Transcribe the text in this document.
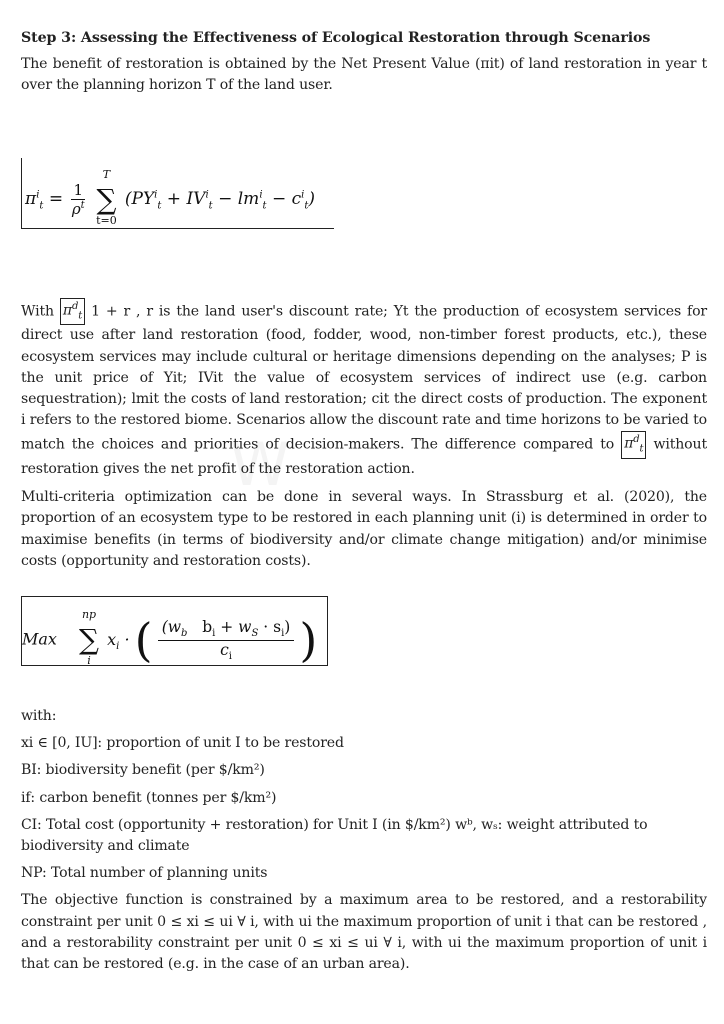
W
Step 3: Assessing the Effectiveness of Ecological Restoration through Scenarios

The benefit of restoration is obtained by the Net Present Value (πit) of land restoration in year t over the planning horizon T of the land user.

$\pi^i_t = \frac{1}{\rho^t}$

T
∑
t=0
$(PY^i_t + IV^i_t - lm^i_t - c^i_t)$

With $\pi^d_t$ 1 + r , r is the land user's discount rate; Yt the production of ecosystem services for direct use after land restoration (food, fodder, wood, non-timber forest products, etc.), these ecosystem services may include cultural or heritage dimensions depending on the analyses; P is the unit price of Yit; IVit the value of ecosystem services of indirect use (e.g. carbon sequestration); lmit the costs of land restoration; cit the direct costs of production. The exponent i refers to the restored biome. Scenarios allow the discount rate and time horizons to be varied to match the choices and priorities of decision-makers. The difference compared to $\pi^d_t$ without restoration gives the net profit of the restoration action.

Multi-criteria optimization can be done in several ways. In Strassburg et al. (2020), the proportion of an ecosystem type to be restored in each planning unit (i) is determined in order to maximise benefits (in terms of biodiversity and/or climate change mitigation) and/or minimise costs (opportunity and restoration costs).

Max
np
∑
i
$x_i$ · ( $\frac{(w_b b_i + w_S \cdot s_i)}{c_i}$ )

with:

xi ∈ [0, IU]: proportion of unit I to be restored

BI: biodiversity benefit (per $/km²)

if: carbon benefit (tonnes per $/km²)

CI: Total cost (opportunity + restoration) for Unit I (in $/km²) wᵇ, wₛ: weight attributed to biodiversity and climate

NP: Total number of planning units

The objective function is constrained by a maximum area to be restored, and a restorability constraint per unit 0 ≤ xi ≤ ui ∀ i, with ui the maximum proportion of unit i that can be restored , and a restorability constraint per unit 0 ≤ xi ≤ ui ∀ i, with ui the maximum proportion of unit i that can be restored (e.g. in the case of an urban area).
